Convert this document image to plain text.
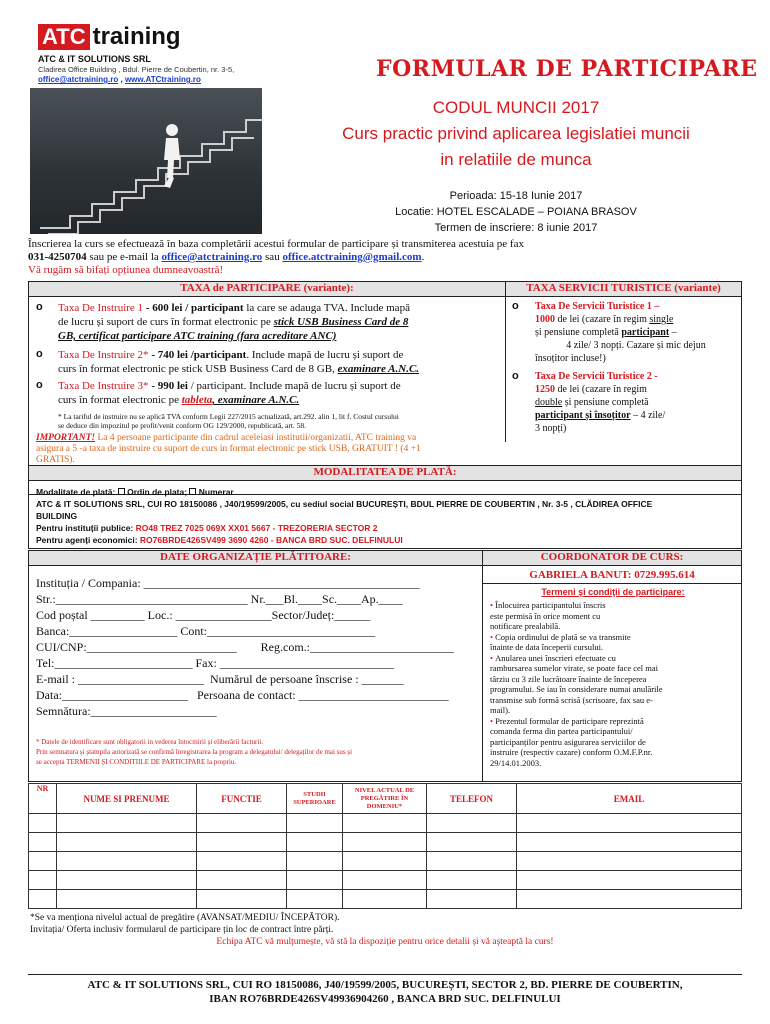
ATC training
ATC & IT SOLUTIONS SRL
Cladirea Office Building , Bdul. Pierre de Coubertin, nr. 3-5,
office@atctraining.ro , www.ATCtraining.ro	FORMULAR DE PARTICIPARE
CODUL MUNCII 2017
Curs practic privind aplicarea legislatiei muncii
in relatiile de munca
Perioada: 15-18 Iunie 2017
Locatie: HOTEL ESCALADE – POIANA BRASOV
Termen de inscriere: 8 iunie 2017
Înscrierea la curs se efectuează în baza completării acestui formular de participare și transmiterea acestuia pe fax
031-4250704 sau pe e-mail la office@atctraining.ro sau office.atctraining@gmail.com.
Vă rugăm să bifați opțiunea dumneavoastră!
TAXA de PARTICIPARE (variante):	TAXA SERVICII TURISTICE (variante)
o Taxa De Instruire 1 - 600 lei / participant la care se adauga TVA. Include mapă
de lucru și suport de curs în format electronic pe stick USB Business Card de 8
GB, certificat participare ATC training (fara acreditare ANC)
o Taxa De Instruire 2* - 740 lei /participant. Include mapă de lucru și suport de
curs în format electronic pe stick USB Business Card de 8 GB, examinare A.N.C.
o Taxa De Instruire 3* - 990 lei / participant. Include mapă de lucru și suport de
curs în format electronic pe tableta, examinare A.N.C.
* La tariful de instruire nu se aplică TVA conform Legii 227/2015 actualizată, art.292. alin 1, lit f. Costul cursului
se deduce din impozitul pe profit/venit conform OG 129/2000, republicată, art. 58.
IMPORTANT! La 4 persoane participante din cadrul aceleiasi institutii/organizatii, ATC training va
asigura a 5 -a taxa de instruire cu suport de curs in format electronic pe stick USB, GRATUIT ! (4 +1
GRATIS).
o Taxa De Servicii Turistice 1 –
1000 de lei (cazare în regim single
și pensiune completă participant –
4 zile/ 3 nopți. Cazare și mic dejun
însoțitor incluse!)
o Taxa De Servicii Turistice 2 -
1250 de lei (cazare în regim
double și pensiune completă
participant și însoțitor – 4 zile/
3 nopți)
MODALITATEA DE PLATĂ:
Modalitate de plată:  Ordin de plata;  Numerar
ATC & IT SOLUTIONS SRL, CUI RO 18150086 , J40/19599/2005, cu sediul social BUCUREȘTI, BDUL PIERRE DE COUBERTIN , Nr. 3-5 , CLĂDIREA OFFICE
BUILDING
Pentru instituții publice: RO48 TREZ 7025 069X XX01 5667 - TREZORERIA SECTOR 2
Pentru agenți economici: RO76BRDE426SV499 3690 4260 - BANCA BRD SUC. DELFINULUI
DATE ORGANIZAȚIE PLĂTITOARE:	COORDONATOR DE CURS:
GABRIELA BANUT: 0729.995.614
Instituția / Compania: ______________________________________________
Str.:________________________________ Nr.___Bl.____Sc.____Ap.____
Cod poștal _________ Loc.: ________________Sector/Județ:______
Banca:__________________ Cont:____________________________
CUI/CNP:_________________________        Reg.com.:________________________
Tel:_______________________ Fax: _____________________________
E-mail : _____________________  Numărul de persoane înscrise : _______
Data:_____________________   Persoana de contact: _________________________
Semnătura:_____________________
* Datele de identificare sunt obligatorii in vederea întocmirii și eliberării facturii.
Prin semnatura și ștampila autorizată se confirmă înregistrarea la program a delegatului/ delegaților de mai sus și
se accepta TERMENII ȘI CONDITIILE DE PARTICIPARE la propriu.
Termeni şi condiţii de participare:
• Înlocuirea participantului înscris
este permisă în orice moment cu
notificare prealabilă.
• Copia ordinului de plată se va transmite
înainte de data începerii cursului.
• Anularea unei înscrieri efectuate cu
rambursarea sumelor virate, se poate face cel mai
târziu cu 3 zile lucrătoare înainte de începerea
programului. Se iau în considerare numai anulările
transmise sub formă scrisă (scrisoare, fax sau e-
mail).
• Prezentul formular de participare reprezintă
comanda ferma din partea participantului/
participanților pentru asigurarea serviciilor de
instruire (respectiv cazare) conform O.M.F.P.nr.
29/14.01.2003.
NR	NUME SI PRENUME	FUNCTIE	STUDII SUPERIOARE	NIVEL ACTUAL DE PREGĂTIRE ÎN DOMENIU*	TELEFON	EMAIL

*Se va menționa nivelul actual de pregătire (AVANSAT/MEDIU/ ÎNCEPĂTOR).
Invitația/ Oferta inclusiv formularul de participare țin loc de contract între părți.
Echipa ATC vă mulțumește, vă stă la dispoziție pentru orice detalii și vă așteaptă la curs!
ATC & IT SOLUTIONS SRL, CUI RO 18150086, J40/19599/2005, BUCUREȘTI, SECTOR 2, BD. PIERRE DE COUBERTIN,
IBAN RO76BRDE426SV49936904260 , BANCA BRD SUC. DELFINULUI
